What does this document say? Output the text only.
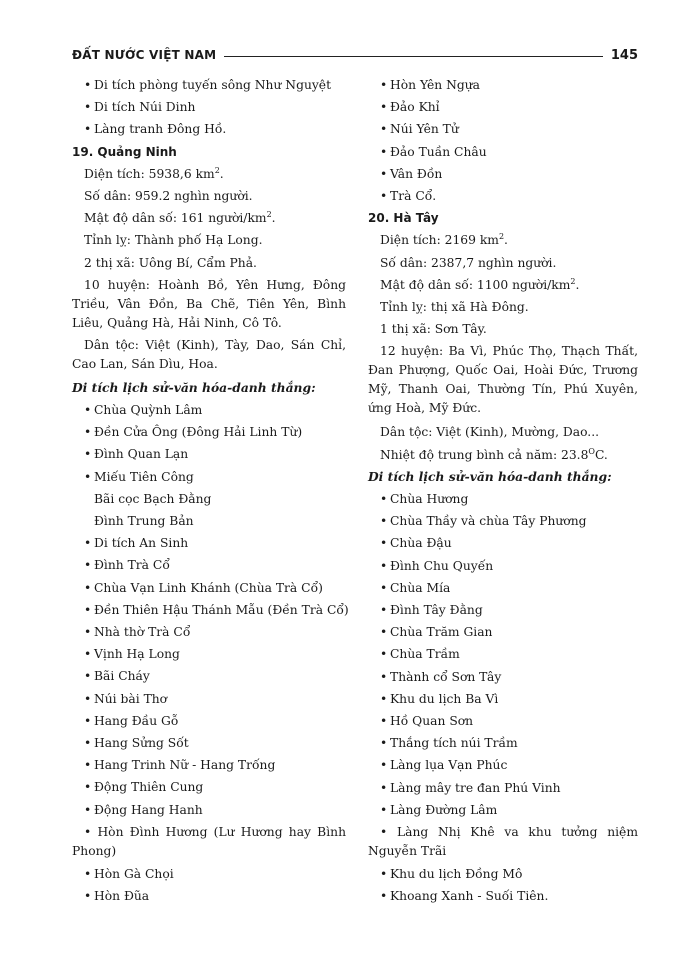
ĐẤT NƯỚC VIỆT NAM	145
• Di tích phòng tuyến sông Như Nguyệt
• Di tích Núi Dinh
• Làng tranh Đông Hồ.
19. Quảng Ninh
Diện tích: 5938,6 $km^2$.
Số dân: 959.2 nghìn người.
Mật độ dân số: 161 người/$km^2$.
Tỉnh lỵ: Thành phố Hạ Long.
2 thị xã: Uông Bí, Cẩm Phả.
10 huyện: Hoành Bồ, Yên Hưng, Đông Triều, Vân Đồn, Ba Chẽ, Tiên Yên, Bình Liêu, Quảng Hà, Hải Ninh, Cô Tô.
Dân tộc: Việt (Kinh), Tày, Dao, Sán Chỉ, Cao Lan, Sán Dìu, Hoa.
Di tích lịch sử-văn hóa-danh thắng:
• Chùa Quỳnh Lâm
• Đền Cửa Ông (Đông Hải Linh Từ)
• Đình Quan Lạn
• Miếu Tiên Công
Bãi cọc Bạch Đằng
Đình Trung Bản
• Di tích An Sinh
• Đình Trà Cổ
• Chùa Vạn Linh Khánh (Chùa Trà Cổ)
• Đền Thiên Hậu Thánh Mẫu (Đền Trà Cổ)
• Nhà thờ Trà Cổ
• Vịnh Hạ Long
• Bãi Cháy
• Núi bài Thơ
• Hang Đầu Gỗ
• Hang Sửng Sốt
• Hang Trinh Nữ - Hang Trống
• Động Thiên Cung
• Động Hang Hanh
• Hòn Đình Hương (Lư Hương hay Bình Phong)
• Hòn Gà Chọi
• Hòn Đũa
• Hòn Yên Ngựa
• Đảo Khỉ
• Núi Yên Tử
• Đảo Tuần Châu
• Vân Đồn
• Trà Cổ.
20. Hà Tây
Diện tích: 2169 $km^2$.
Số dân: 2387,7 nghìn người.
Mật độ dân số: 1100 người/$km^2$.
Tỉnh lỵ: thị xã Hà Đông.
1 thị xã: Sơn Tây.
12 huyện: Ba Vì, Phúc Thọ, Thạch Thất, Đan Phượng, Quốc Oai, Hoài Đức, Trương Mỹ, Thanh Oai, Thường Tín, Phú Xuyên, ứng Hoà, Mỹ Đức.
Dân tộc: Việt (Kinh), Mường, Dao...
Nhiệt độ trung bình cả năm: $23.8^OC$.
Di tích lịch sử-văn hóa-danh thắng:
• Chùa Hương
• Chùa Thầy và chùa Tây Phương
• Chùa Đậu
• Đình Chu Quyến
• Chùa Mía
• Đình Tây Đằng
• Chùa Trăm Gian
• Chùa Trầm
• Thành cổ Sơn Tây
• Khu du lịch Ba Vì
• Hồ Quan Sơn
• Thắng tích núi Trầm
• Làng lụa Vạn Phúc
• Làng mây tre đan Phú Vinh
• Làng Đường Lâm
• Làng Nhị Khê va khu tưởng niệm Nguyễn Trãi
• Khu du lịch Đồng Mô
• Khoang Xanh - Suối Tiên.
